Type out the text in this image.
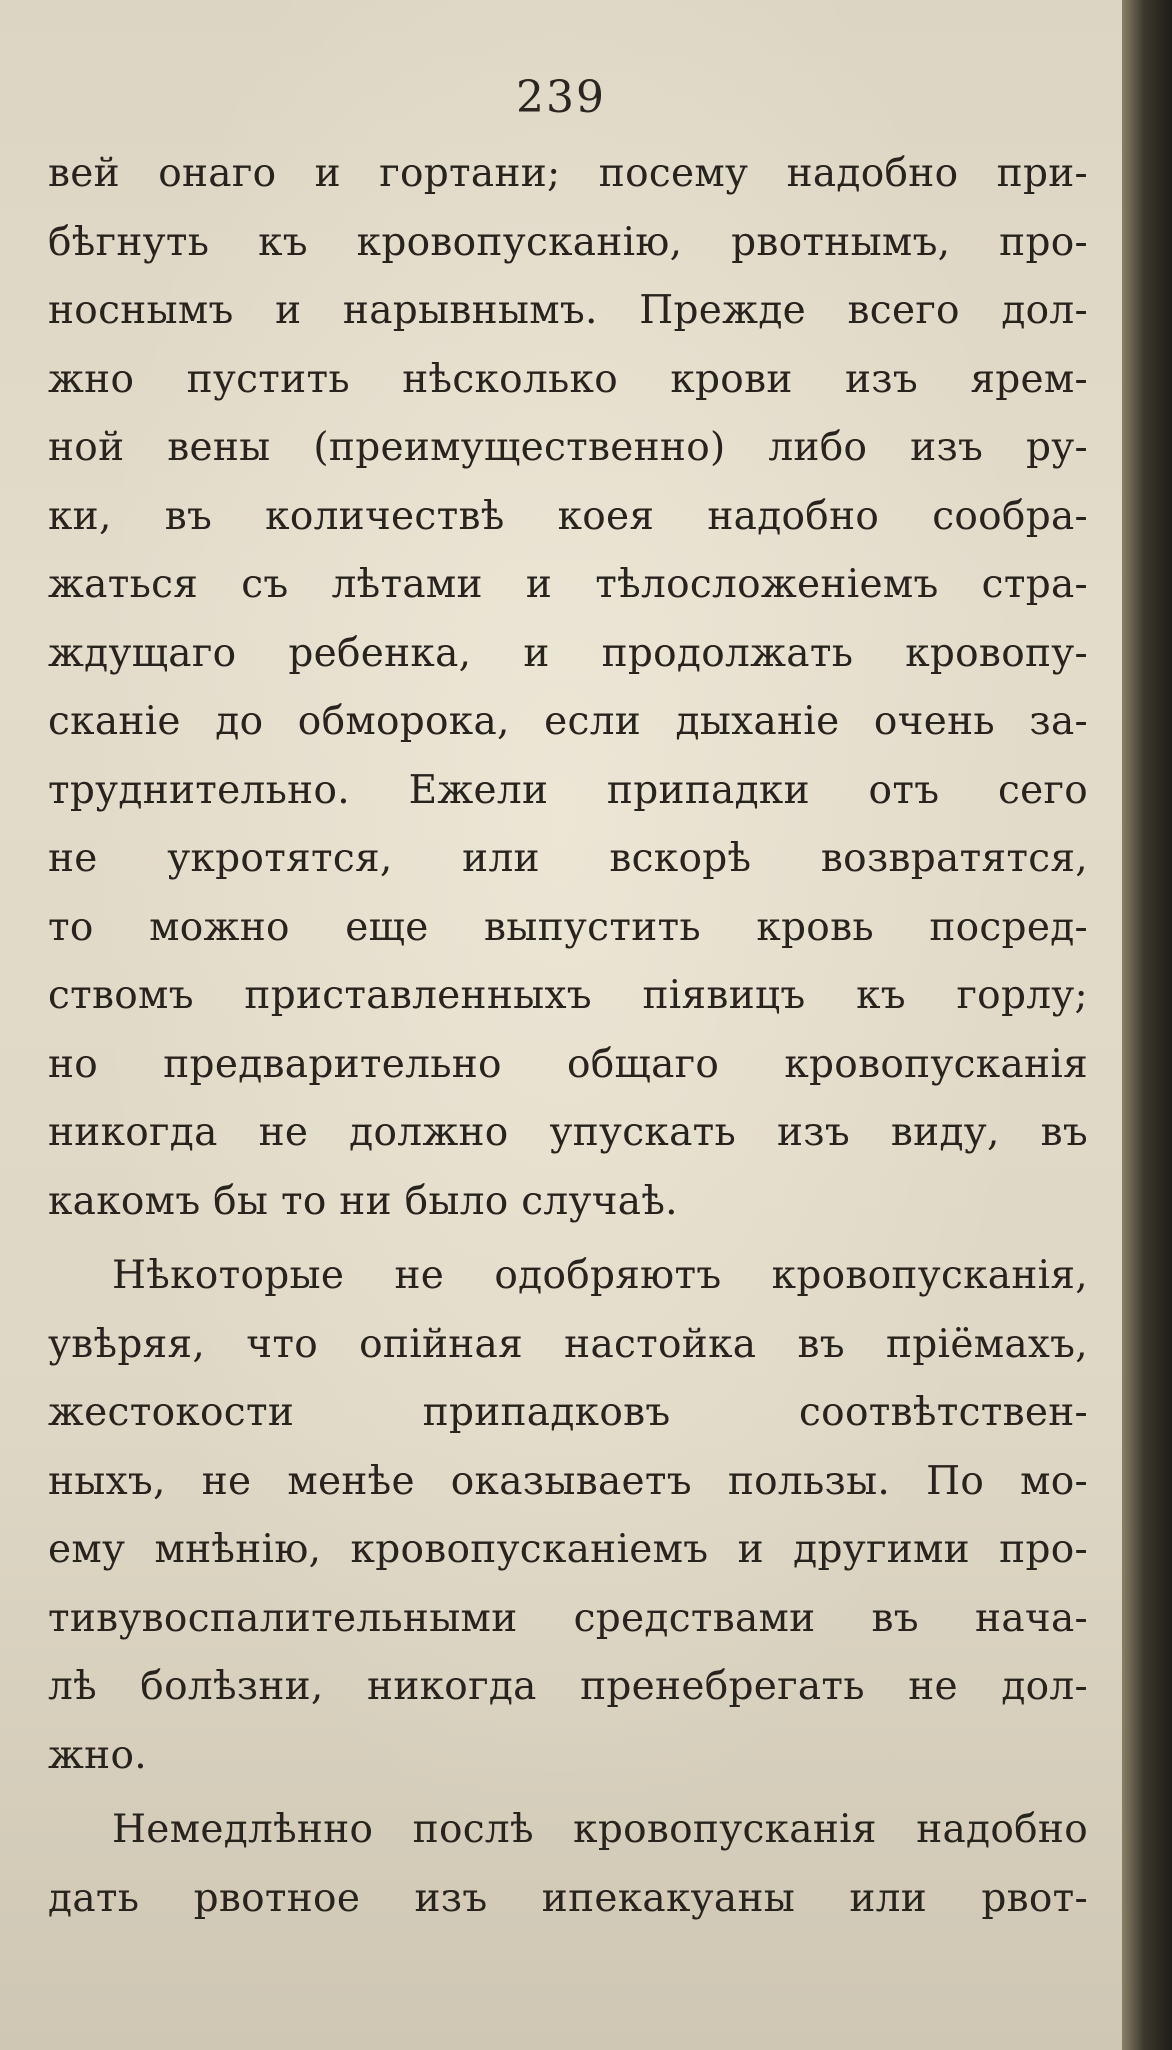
239
вей онаго и гортани; посему надобно при-
бѣгнуть къ кровопусканію, рвотнымъ, про-
носнымъ и нарывнымъ. Прежде всего дол-
жно пустить нѣсколько крови изъ ярем-
ной вены (преимущественно) либо изъ ру-
ки, въ количествѣ коея надобно сообра-
жаться съ лѣтами и тѣлосложеніемъ стра-
ждущаго ребенка, и продолжать кровопу-
сканіе до обморока, если дыханіе очень за-
труднительно. Ежели припадки отъ сего
не укротятся, или вскорѣ возвратятся,
то можно еще выпустить кровь посред-
ствомъ приставленныхъ піявицъ къ горлу;
но предварительно общаго кровопусканія
никогда не должно упускать изъ виду, въ
какомъ бы то ни было случаѣ.
Нѣкоторые не одобряютъ кровопусканія,
увѣряя, что опійная настойка въ пріёмахъ,
жестокости припадковъ соотвѣтствен-
ныхъ, не менѣе оказываетъ пользы. По мо-
ему мнѣнію, кровопусканіемъ и другими про-
тивувоспалительными средствами въ нача-
лѣ болѣзни, никогда пренебрегать не дол-
жно.
Немедлѣнно послѣ кровопусканія надобно
дать рвотное изъ ипекакуаны или рвот-
